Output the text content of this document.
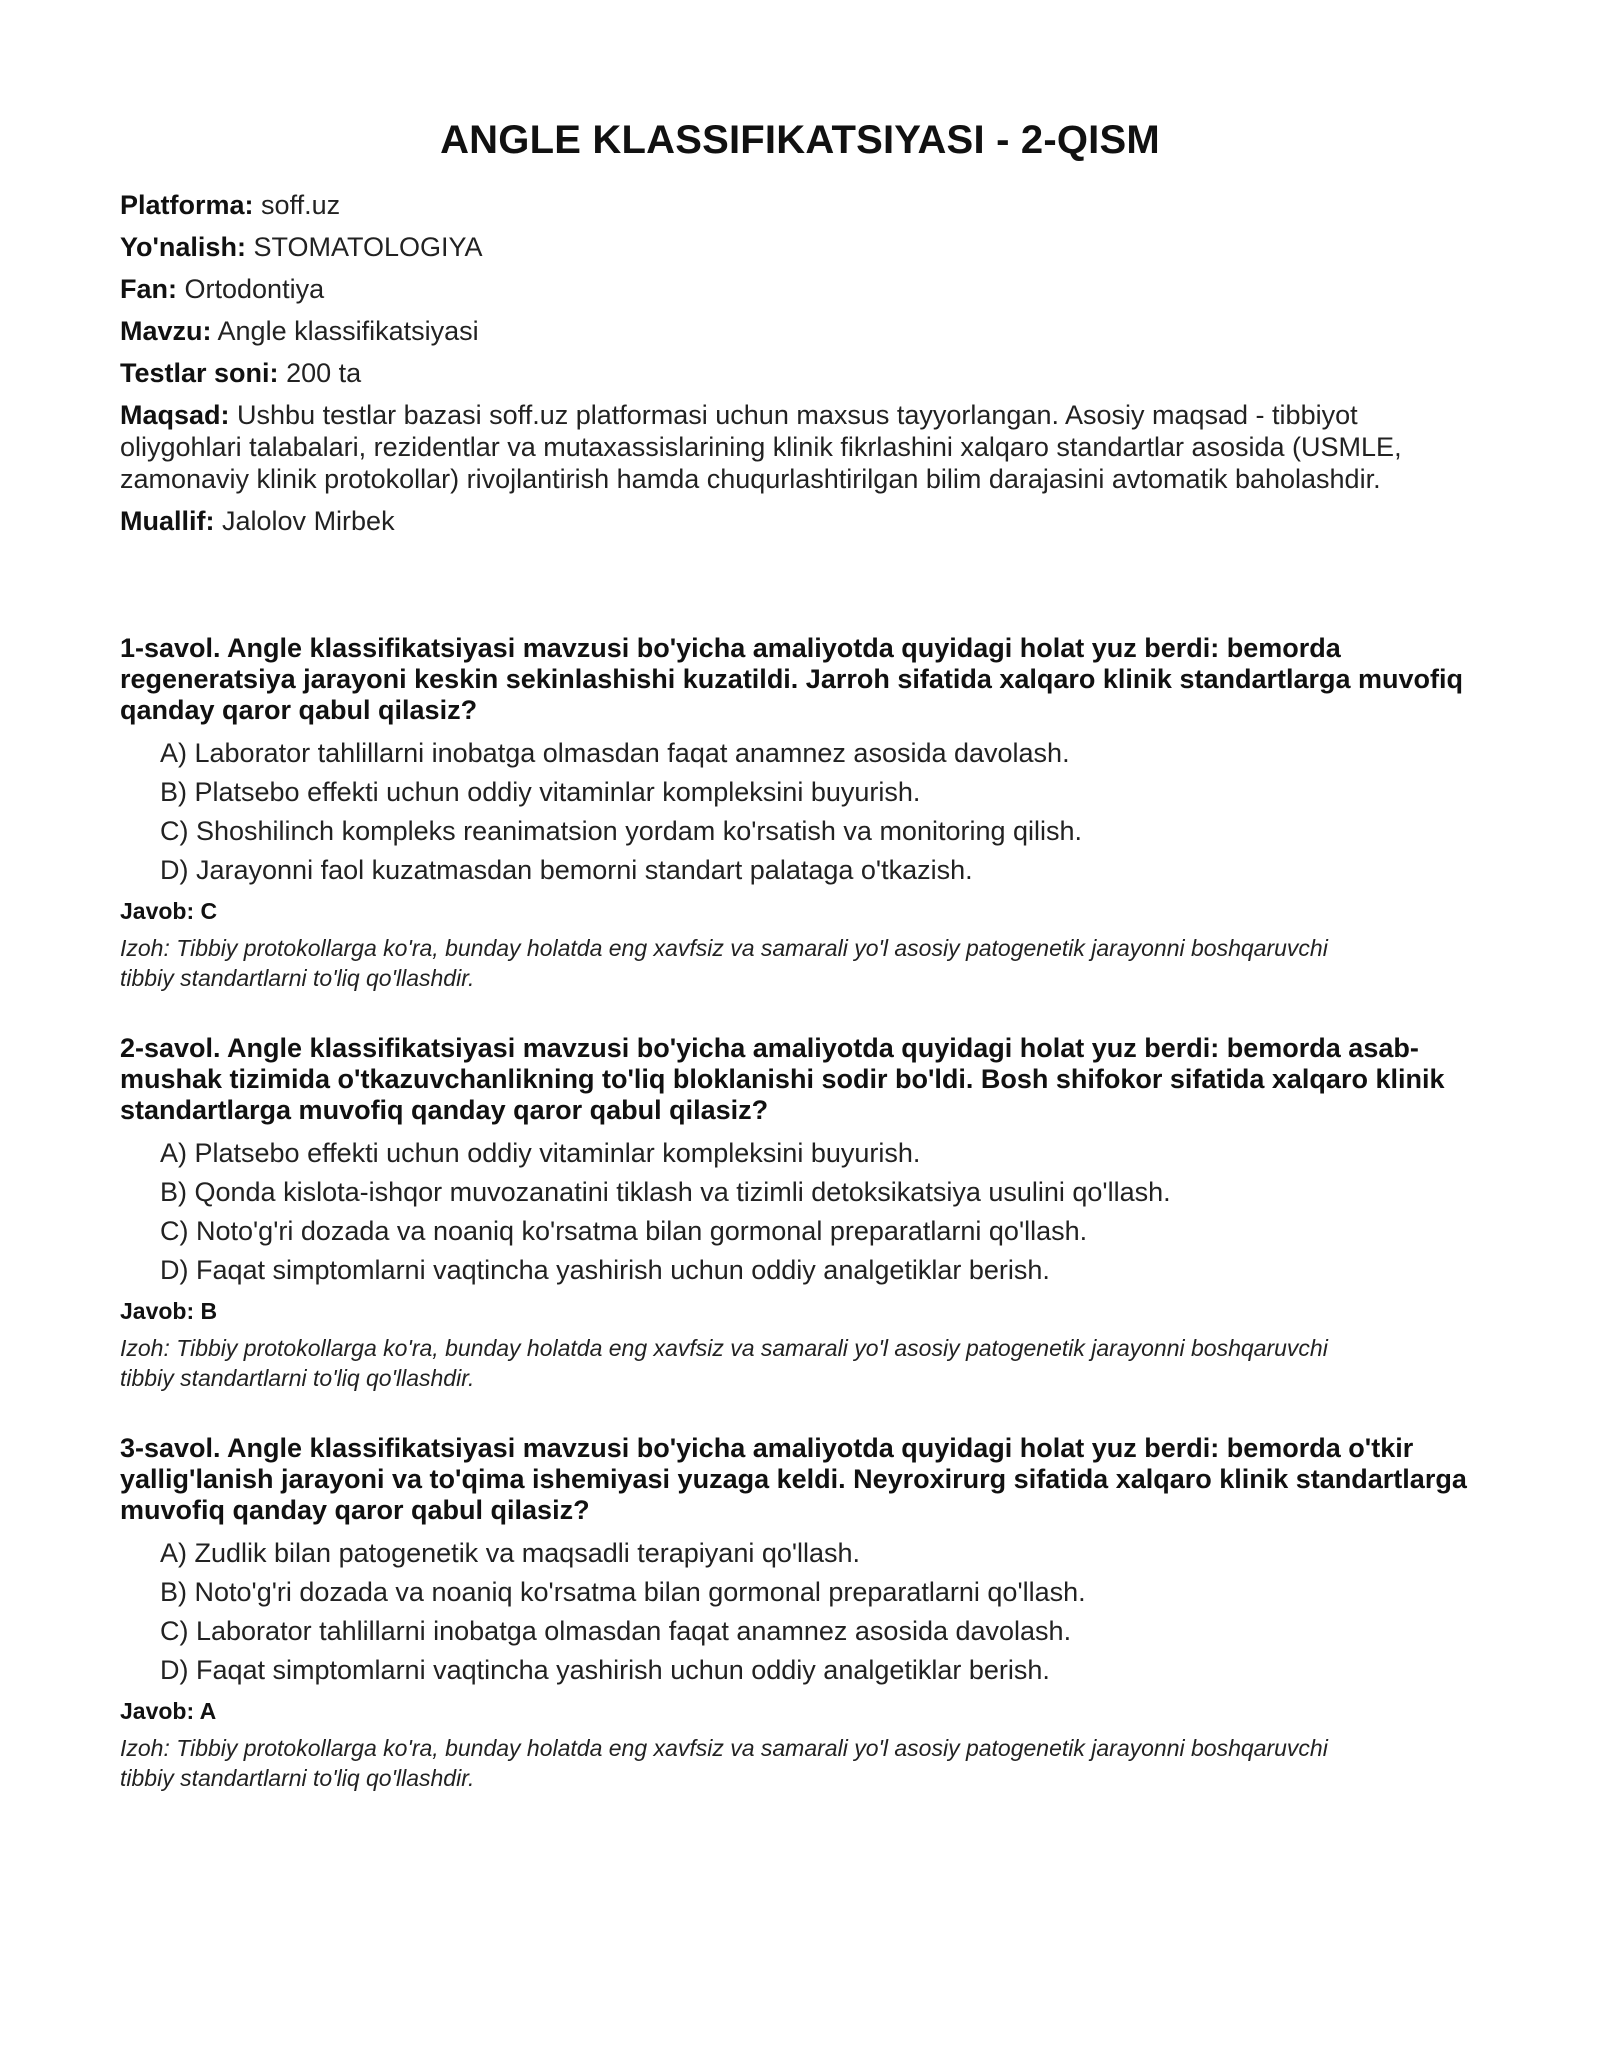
ANGLE KLASSIFIKATSIYASI - 2-QISM

Platforma: soff.uz

Yo'nalish: STOMATOLOGIYA

Fan: Ortodontiya

Mavzu: Angle klassifikatsiyasi

Testlar soni: 200 ta

Maqsad: Ushbu testlar bazasi soff.uz platformasi uchun maxsus tayyorlangan. Asosiy maqsad - tibbiyot oliygohlari talabalari, rezidentlar va mutaxassislarining klinik fikrlashini xalqaro standartlar asosida (USMLE, zamonaviy klinik protokollar) rivojlantirish hamda chuqurlashtirilgan bilim darajasini avtomatik baholashdir.

Muallif: Jalolov Mirbek

1-savol. Angle klassifikatsiyasi mavzusi bo'yicha amaliyotda quyidagi holat yuz berdi: bemorda regeneratsiya jarayoni keskin sekinlashishi kuzatildi. Jarroh sifatida xalqaro klinik standartlarga muvofiq qanday qaror qabul qilasiz?

A) Laborator tahlillarni inobatga olmasdan faqat anamnez asosida davolash.
B) Platsebo effekti uchun oddiy vitaminlar kompleksini buyurish.
C) Shoshilinch kompleks reanimatsion yordam ko'rsatish va monitoring qilish.
D) Jarayonni faol kuzatmasdan bemorni standart palataga o'tkazish.

Javob: C

Izoh: Tibbiy protokollarga ko'ra, bunday holatda eng xavfsiz va samarali yo'l asosiy patogenetik jarayonni boshqaruvchi tibbiy standartlarni to'liq qo'llashdir.

2-savol. Angle klassifikatsiyasi mavzusi bo'yicha amaliyotda quyidagi holat yuz berdi: bemorda asab-mushak tizimida o'tkazuvchanlikning to'liq bloklanishi sodir bo'ldi. Bosh shifokor sifatida xalqaro klinik standartlarga muvofiq qanday qaror qabul qilasiz?

A) Platsebo effekti uchun oddiy vitaminlar kompleksini buyurish.
B) Qonda kislota-ishqor muvozanatini tiklash va tizimli detoksikatsiya usulini qo'llash.
C) Noto'g'ri dozada va noaniq ko'rsatma bilan gormonal preparatlarni qo'llash.
D) Faqat simptomlarni vaqtincha yashirish uchun oddiy analgetiklar berish.

Javob: B

Izoh: Tibbiy protokollarga ko'ra, bunday holatda eng xavfsiz va samarali yo'l asosiy patogenetik jarayonni boshqaruvchi tibbiy standartlarni to'liq qo'llashdir.

3-savol. Angle klassifikatsiyasi mavzusi bo'yicha amaliyotda quyidagi holat yuz berdi: bemorda o'tkir yallig'lanish jarayoni va to'qima ishemiyasi yuzaga keldi. Neyroxirurg sifatida xalqaro klinik standartlarga muvofiq qanday qaror qabul qilasiz?

A) Zudlik bilan patogenetik va maqsadli terapiyani qo'llash.
B) Noto'g'ri dozada va noaniq ko'rsatma bilan gormonal preparatlarni qo'llash.
C) Laborator tahlillarni inobatga olmasdan faqat anamnez asosida davolash.
D) Faqat simptomlarni vaqtincha yashirish uchun oddiy analgetiklar berish.

Javob: A

Izoh: Tibbiy protokollarga ko'ra, bunday holatda eng xavfsiz va samarali yo'l asosiy patogenetik jarayonni boshqaruvchi tibbiy standartlarni to'liq qo'llashdir.
